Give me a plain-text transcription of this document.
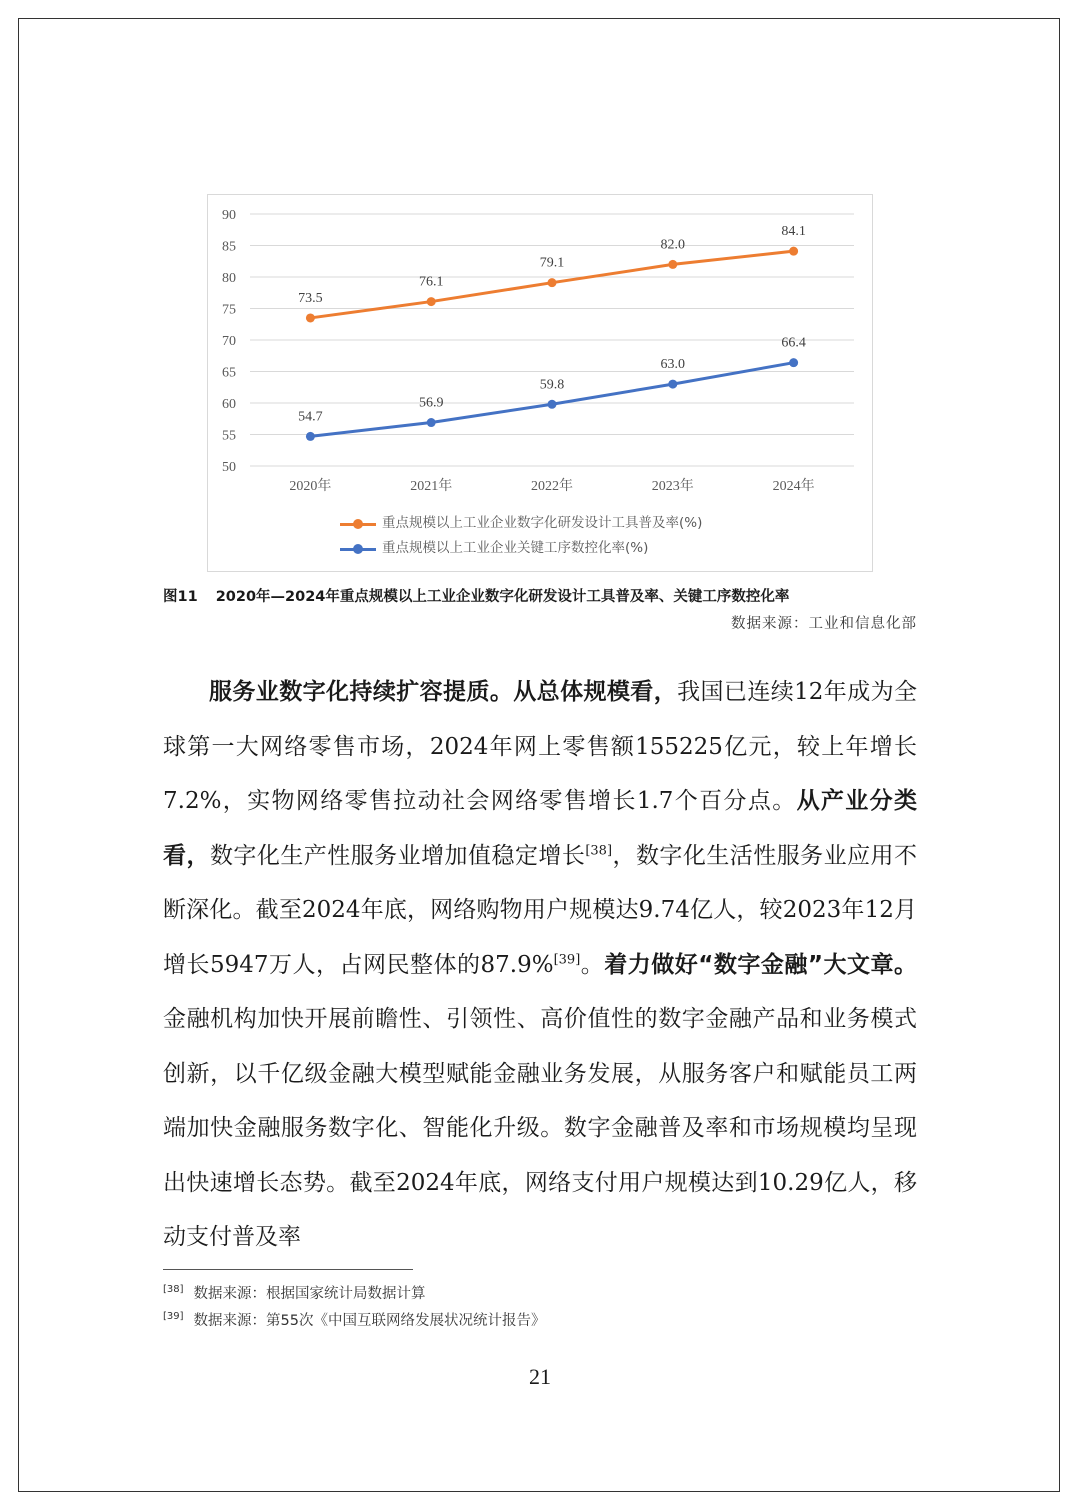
90
85
80
75
70
65
60
55
50
2020年	2021年	2022年	2023年	2024年
73.5
76.1
79.1
82.0
84.1
54.7
56.9
59.8
63.0
66.4
重点规模以上工业企业数字化研发设计工具普及率(%)
重点规模以上工业企业关键工序数控化率(%)
图11 2020年—2024年重点规模以上工业企业数字化研发设计工具普及率、关键工序数控化率
数据来源：工业和信息化部

服务业数字化持续扩容提质。从总体规模看，我国已连续12年成为全球第一大网络零售市场，2024年网上零售额155225亿元，较上年增长7.2%，实物网络零售拉动社会网络零售增长1.7个百分点。从产业分类看，数字化生产性服务业增加值稳定增长[38]，数字化生活性服务业应用不断深化。截至2024年底，网络购物用户规模达9.74亿人，较2023年12月增长5947万人，占网民整体的87.9%[39]。着力做好“数字金融”大文章。金融机构加快开展前瞻性、引领性、高价值性的数字金融产品和业务模式创新，以千亿级金融大模型赋能金融业务发展，从服务客户和赋能员工两端加快金融服务数字化、智能化升级。数字金融普及率和市场规模均呈现出快速增长态势。截至2024年底，网络支付用户规模达到10.29亿人，移动支付普及率

[38] 数据来源：根据国家统计局数据计算
[39] 数据来源：第55次《中国互联网络发展状况统计报告》
21
